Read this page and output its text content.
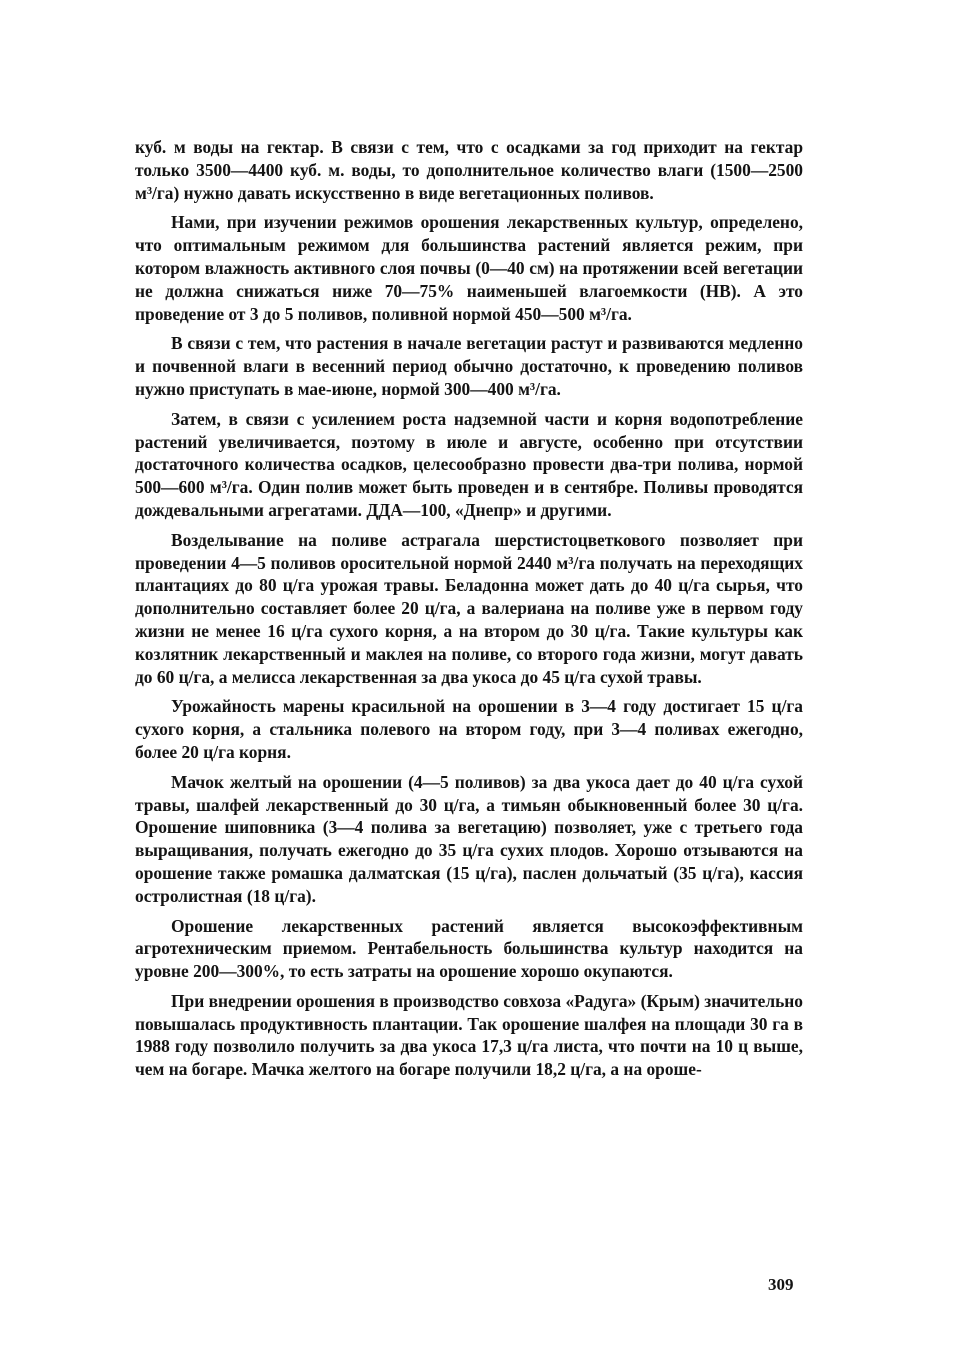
куб. м воды на гектар. В связи с тем, что с осадками за год приходит на гектар только 3500—4400 куб. м. воды, то дополнительное количество влаги (1500—2500 м³/га) нужно давать искусственно в виде вегетационных поливов.

Нами, при изучении режимов орошения лекарственных культур, определено, что оптимальным режимом для большинства растений является режим, при котором влажность активного слоя почвы (0—40 см) на протяжении всей вегетации не должна снижаться ниже 70—75% наименьшей влагоемкости (НВ). А это проведение от 3 до 5 поливов, поливной нормой 450—500 м³/га.

В связи с тем, что растения в начале вегетации растут и развиваются медленно и почвенной влаги в весенний период обычно достаточно, к проведению поливов нужно приступать в мае-июне, нормой 300—400 м³/га.

Затем, в связи с усилением роста надземной части и корня водопотребление растений увеличивается, поэтому в июле и августе, особенно при отсутствии достаточного количества осадков, целесообразно провести два-три полива, нормой 500—600 м³/га. Один полив может быть проведен и в сентябре. Поливы проводятся дождевальными агрегатами. ДДА—100, «Днепр» и другими.

Возделывание на поливе астрагала шерстистоцветкового позволяет при проведении 4—5 поливов оросительной нормой 2440 м³/га получать на переходящих плантациях до 80 ц/га урожая травы. Беладонна может дать до 40 ц/га сырья, что дополнительно составляет более 20 ц/га, а валериана на поливе уже в первом году жизни не менее 16 ц/га сухого корня, а на втором до 30 ц/га. Такие культуры как козлятник лекарственный и маклея на поливе, со второго года жизни, могут давать до 60 ц/га, а мелисса лекарственная за два укоса до 45 ц/га сухой травы.

Урожайность марены красильной на орошении в 3—4 году достигает 15 ц/га сухого корня, а стальника полевого на втором году, при 3—4 поливах ежегодно, более 20 ц/га корня.

Мачок желтый на орошении (4—5 поливов) за два укоса дает до 40 ц/га сухой травы, шалфей лекарственный до 30 ц/га, а тимьян обыкновенный более 30 ц/га. Орошение шиповника (3—4 полива за вегетацию) позволяет, уже с третьего года выращивания, получать ежегодно до 35 ц/га сухих плодов. Хорошо отзываются на орошение также ромашка далматская (15 ц/га), паслен дольчатый (35 ц/га), кассия остролистная (18 ц/га).

Орошение лекарственных растений является высокоэффективным агротехническим приемом. Рентабельность большинства культур находится на уровне 200—300%, то есть затраты на орошение хорошо окупаются.

При внедрении орошения в производство совхоза «Радуга» (Крым) значительно повышалась продуктивность плантации. Так орошение шалфея на площади 30 га в 1988 году позволило получить за два укоса 17,3 ц/га листа, что почти на 10 ц выше, чем на богаре. Мачка желтого на богаре получили 18,2 ц/га, а на ороше-

309
